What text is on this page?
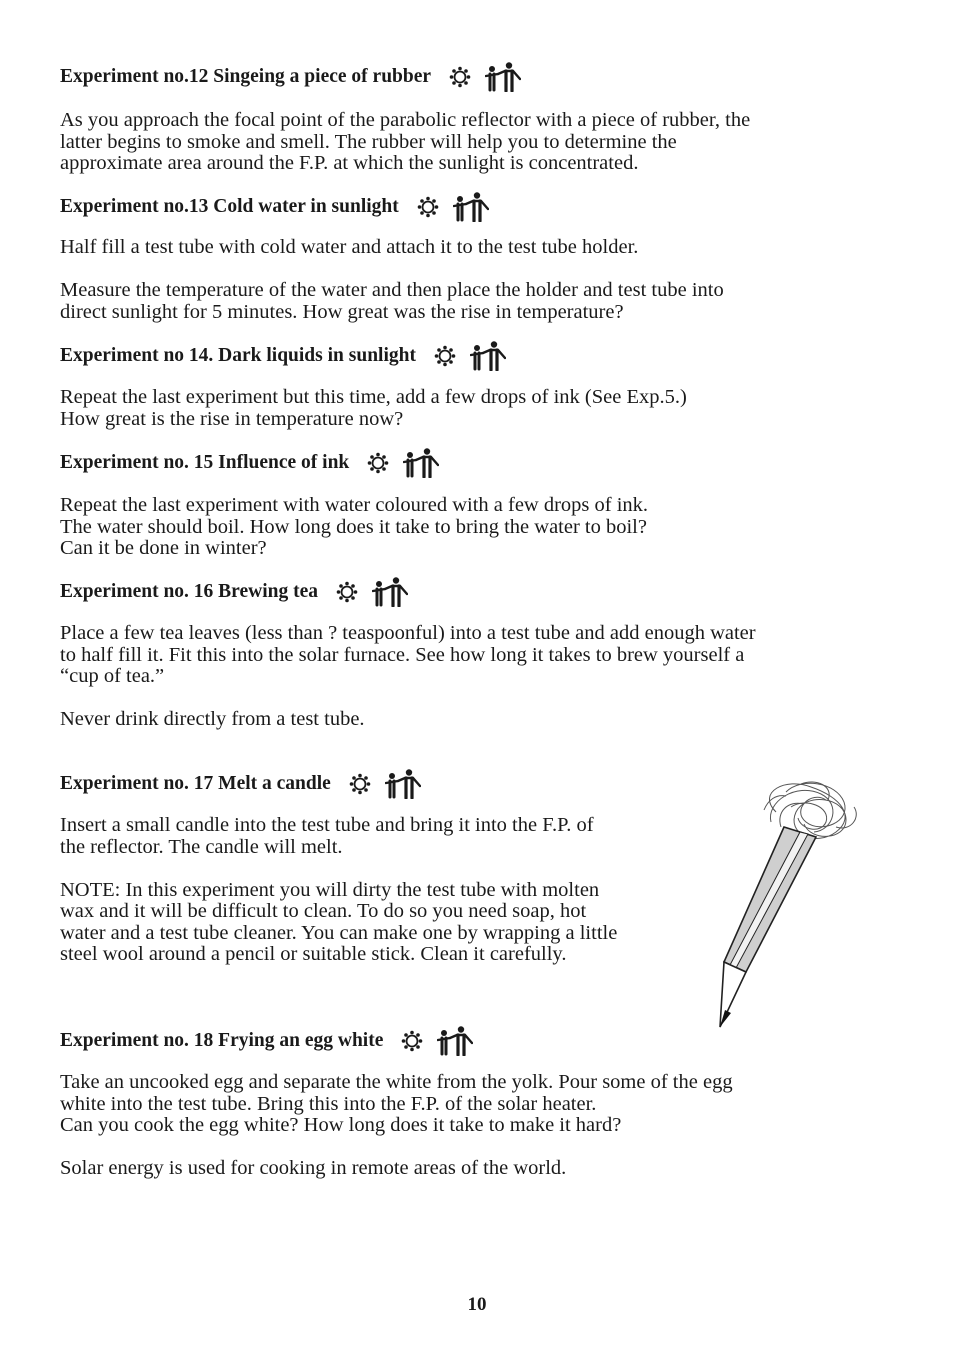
Experiment no.12 Singeing a piece of rubber

As you approach the focal point of the parabolic reflector with a piece of rubber, the
latter begins to smoke and smell. The rubber will help you to determine the
approximate area around the F.P. at which the sunlight is concentrated.

Experiment no.13 Cold water in sunlight

Half fill a test tube with cold water and attach it to the test tube holder.

Measure the temperature of the water and then place the holder and test tube into
direct sunlight for 5 minutes. How great was the rise in temperature?

Experiment no 14. Dark liquids in sunlight

Repeat the last experiment but this time, add a few drops of ink (See Exp.5.)
How great is the rise in temperature now?

Experiment no. 15 Influence of ink

Repeat the last experiment with water coloured with a few drops of ink.
The water should boil. How long does it take to bring the water to boil?
Can it be done in winter?

Experiment no. 16 Brewing tea

Place a few tea leaves (less than ? teaspoonful) into a test tube and add enough water
to half fill it. Fit this into the solar furnace. See how long it takes to brew yourself a
“cup of tea.”

Never drink directly from a test tube.

Experiment no. 17 Melt a candle

Insert a small candle into the test tube and bring it into the F.P. of
the reflector. The candle will melt.

NOTE: In this experiment you will dirty the test tube with molten
wax and it will be difficult to clean. To do so you need soap, hot
water and a test tube cleaner. You can make one by wrapping a little
steel wool around a pencil or suitable stick. Clean it carefully.

Experiment no. 18 Frying an egg white

Take an uncooked egg and separate the white from the yolk. Pour some of the egg
white into the test tube. Bring this into the F.P. of the solar heater.
Can you cook the egg white? How long does it take to make it hard?

Solar energy is used for cooking in remote areas of the world.

10
